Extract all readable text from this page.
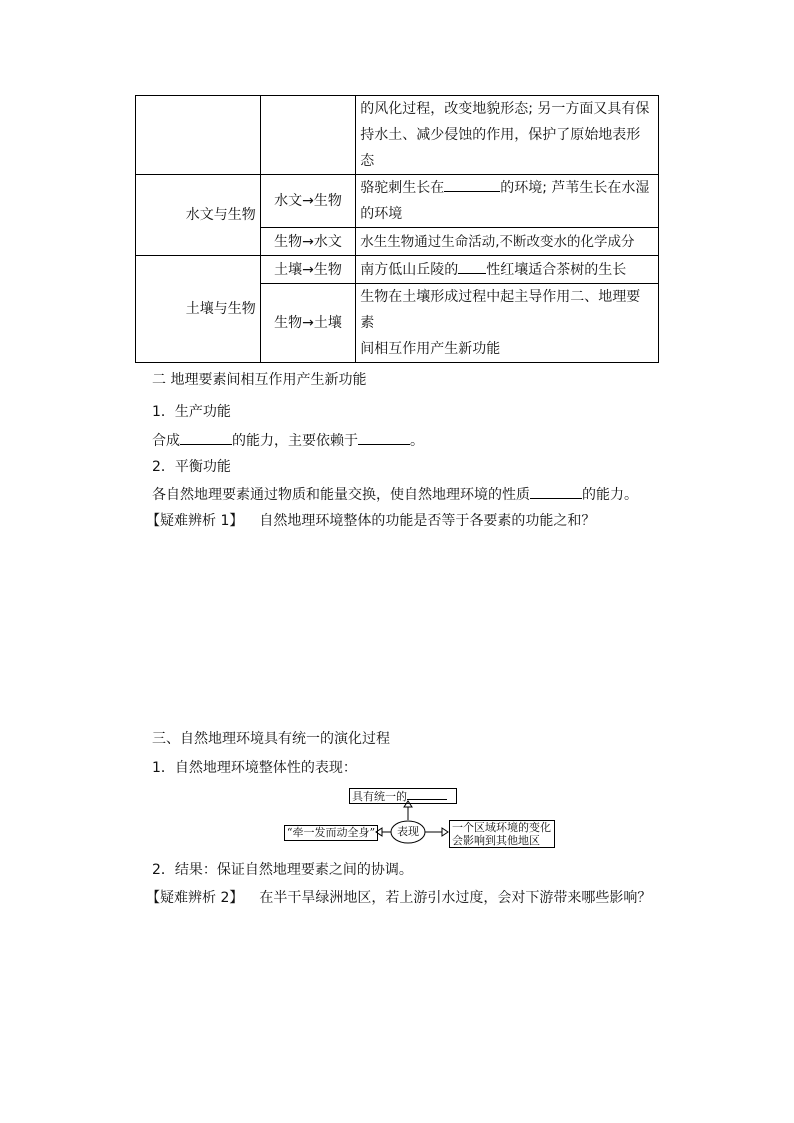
		的风化过程，改变地貌形态; 另一方面又具有保
持水土、减少侵蚀的作用，保护了原始地表形态
水文与生物	水文→生物	骆驼刺生长在 的环境; 芦苇生长在水湿
的环境
	生物→水文	水生生物通过生命活动,不断改变水的化学成分
土壤与生物	土壤→生物	南方低山丘陵的 性红壤适合茶树的生长
	生物→土壤	生物在土壤形成过程中起主导作用二、地理要素
间相互作用产生新功能
二 地理要素间相互作用产生新功能
1．生产功能
合成	的能力，主要依赖于	。
2．平衡功能
各自然地理要素通过物质和能量交换，使自然地理环境的性质	的能力。
【疑难辨析 1】 自然地理环境整体的功能是否等于各要素的功能之和？
三、自然地理环境具有统一的演化过程
1．自然地理环境整体性的表现：
具有统一的
表现
“牵一发而动全身”	一个区域环境的变化
会影响到其他地区
2．结果：保证自然地理要素之间的协调。
【疑难辨析 2】 在半干旱绿洲地区，若上游引水过度，会对下游带来哪些影响？
